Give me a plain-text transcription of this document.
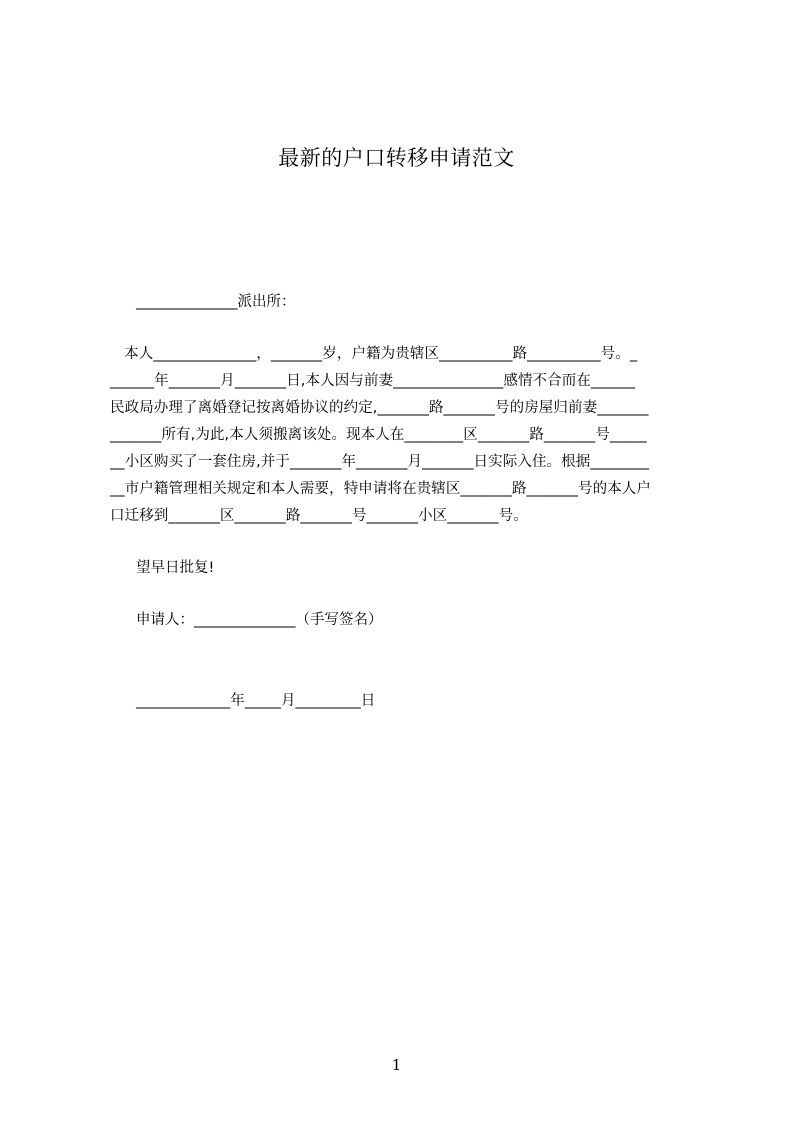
最新的户口转移申请范文
______________派出所：
本人______________，_______岁，户籍为贵辖区__________路__________号。_
______年_______月_______日,本人因与前妻_______________感情不合而在______
民政局办理了离婚登记按离婚协议的约定,_______路_______号的房屋归前妻_______
_______所有,为此,本人须搬离该处。现本人在________区_______路_______号_____
__小区购买了一套住房,并于_______年_______月_______日实际入住。根据________
__市户籍管理相关规定和本人需要，特申请将在贵辖区_______路_______号的本人户
口迁移到_______区_______路_______号_______小区_______号。
望早日批复!
申请人：______________（手写签名）
_____________年_____月_________日
1
